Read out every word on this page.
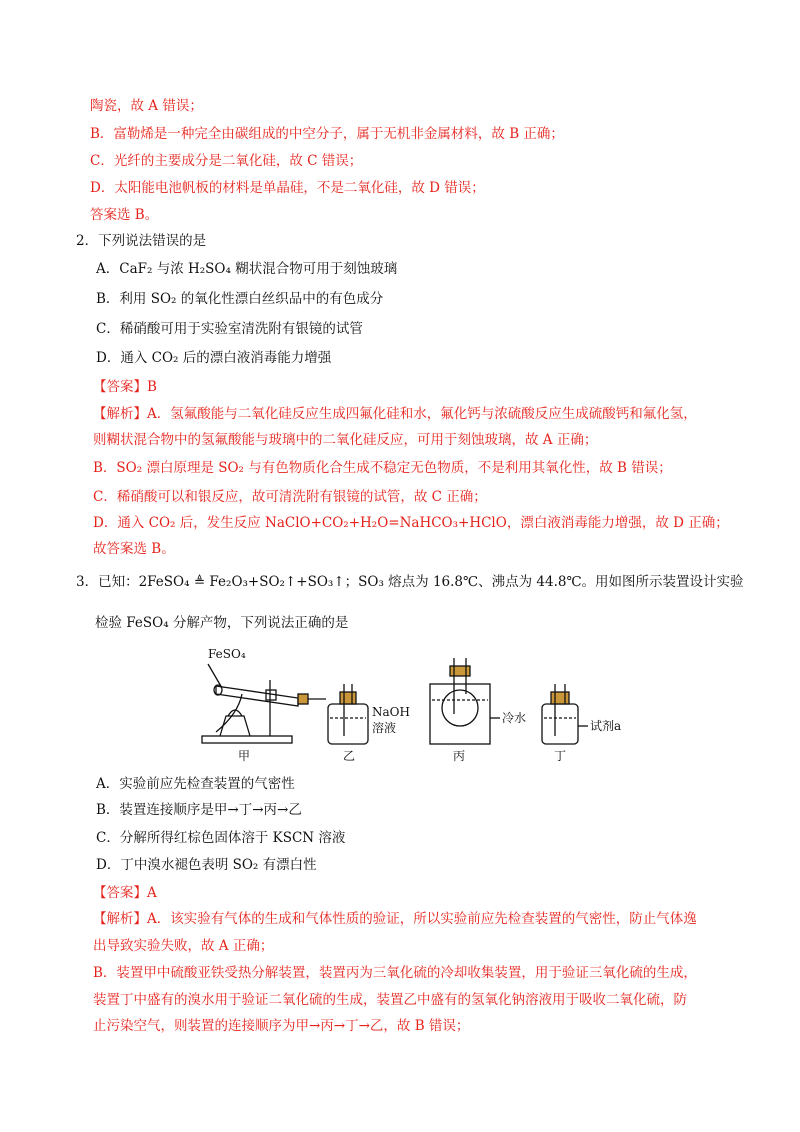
陶瓷，故 A 错误；
B．富勒烯是一种完全由碳组成的中空分子，属于无机非金属材料，故 B 正确；
C．光纤的主要成分是二氧化硅，故 C 错误；
D．太阳能电池帆板的材料是单晶硅，不是二氧化硅，故 D 错误；
答案选 B。
2．下列说法错误的是
A．CaF₂ 与浓 H₂SO₄ 糊状混合物可用于刻蚀玻璃
B．利用 SO₂ 的氧化性漂白丝织品中的有色成分
C．稀硝酸可用于实验室清洗附有银镜的试管
D．通入 CO₂ 后的漂白液消毒能力增强
【答案】B
【解析】A．氢氟酸能与二氧化硅反应生成四氟化硅和水，氟化钙与浓硫酸反应生成硫酸钙和氟化氢，
则糊状混合物中的氢氟酸能与玻璃中的二氧化硅反应，可用于刻蚀玻璃，故 A 正确；
B．SO₂ 漂白原理是 SO₂ 与有色物质化合生成不稳定无色物质，不是利用其氧化性，故 B 错误；
C．稀硝酸可以和银反应，故可清洗附有银镜的试管，故 C 正确；
D．通入 CO₂ 后，发生反应 NaClO+CO₂+H₂O=NaHCO₃+HClO，漂白液消毒能力增强，故 D 正确；
故答案选 B。
3．已知：2FeSO₄ ≜ Fe₂O₃+SO₂↑+SO₃↑；SO₃ 熔点为 16.8℃、沸点为 44.8℃。用如图所示装置设计实验
检验 FeSO₄ 分解产物，下列说法正确的是
FeSO₄
NaOH
溶液
冷水
试剂a
甲	乙	丙	丁
A．实验前应先检查装置的气密性
B．装置连接顺序是甲→丁→丙→乙
C．分解所得红棕色固体溶于 KSCN 溶液
D．丁中溴水褪色表明 SO₂ 有漂白性
【答案】A
【解析】A．该实验有气体的生成和气体性质的验证，所以实验前应先检查装置的气密性，防止气体逸
出导致实验失败，故 A 正确；
B．装置甲中硫酸亚铁受热分解装置，装置丙为三氧化硫的冷却收集装置，用于验证三氧化硫的生成，
装置丁中盛有的溴水用于验证二氧化硫的生成，装置乙中盛有的氢氧化钠溶液用于吸收二氧化硫，防
止污染空气，则装置的连接顺序为甲→丙→丁→乙，故 B 错误；
